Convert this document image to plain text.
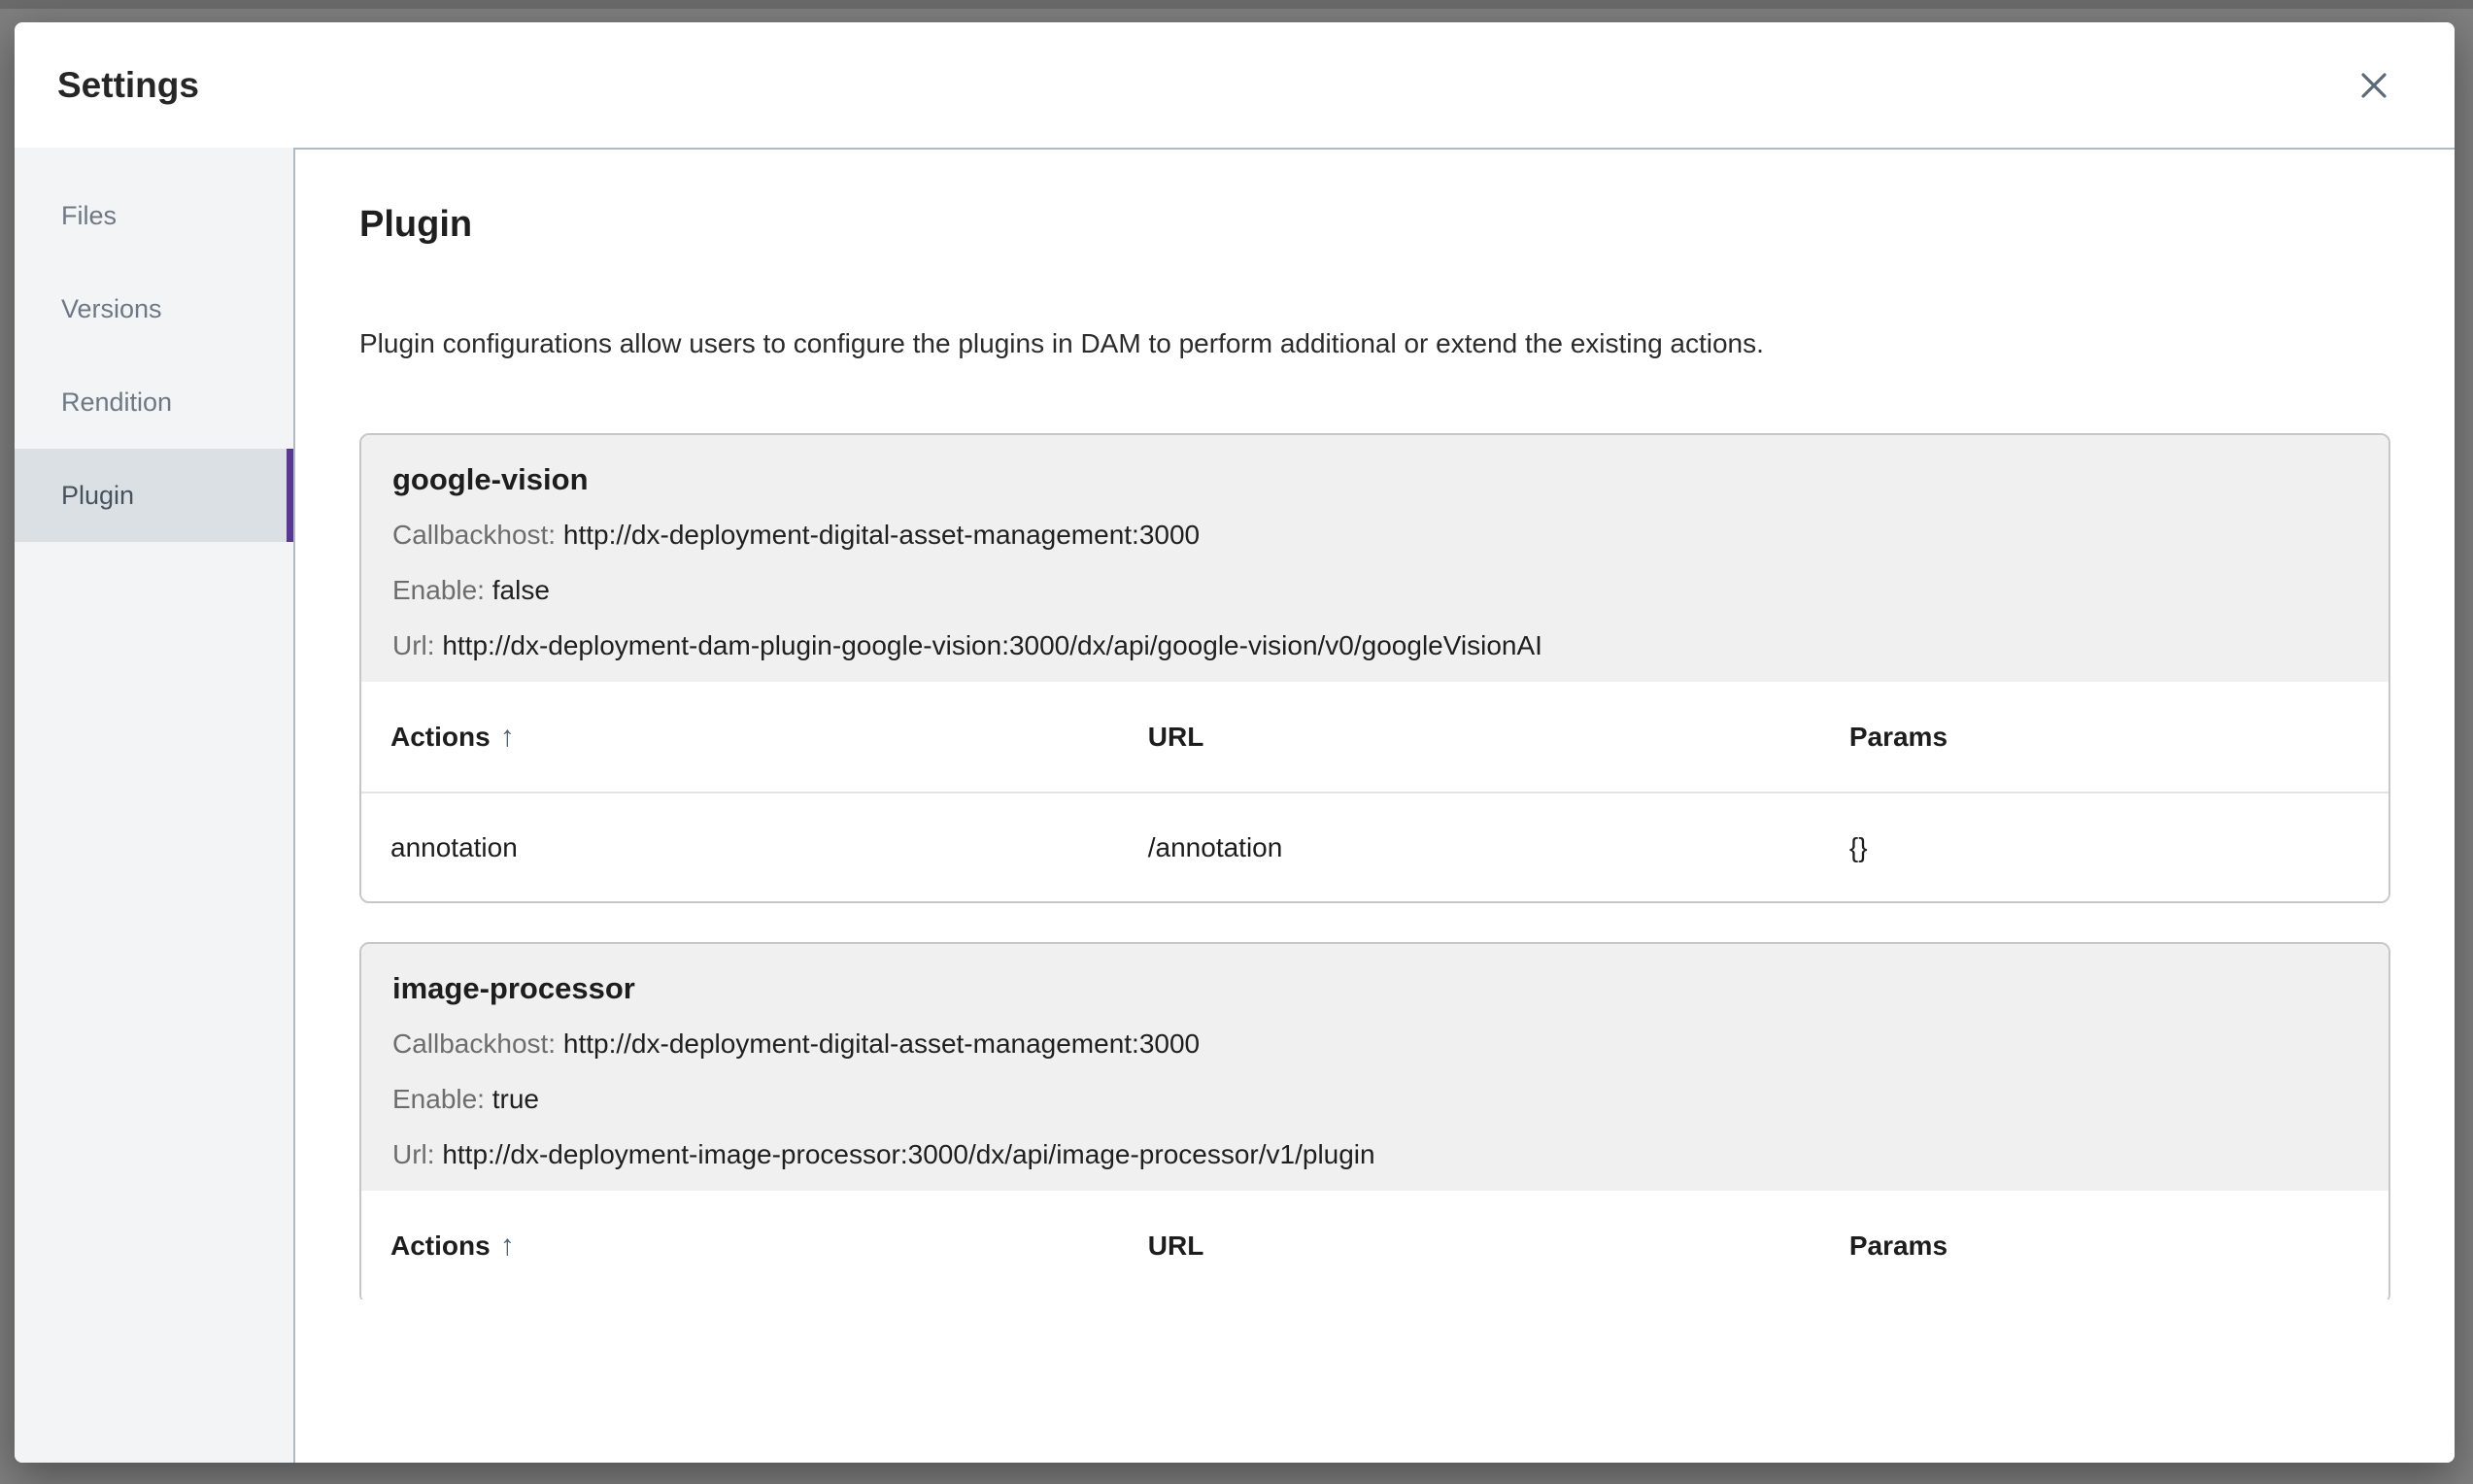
Settings
Files
Versions
Rendition
Plugin
Plugin

Plugin configurations allow users to configure the plugins in DAM to perform additional or extend the existing actions.

google-vision
Callbackhost: http://dx-deployment-digital-asset-management:3000
Enable: false
Url: http://dx-deployment-dam-plugin-google-vision:3000/dx/api/google-vision/v0/googleVisionAI
Actions ↑	URL	Params
annotation	/annotation	{}
image-processor
Callbackhost: http://dx-deployment-digital-asset-management:3000
Enable: true
Url: http://dx-deployment-image-processor:3000/dx/api/image-processor/v1/plugin
Actions ↑	URL	Params
